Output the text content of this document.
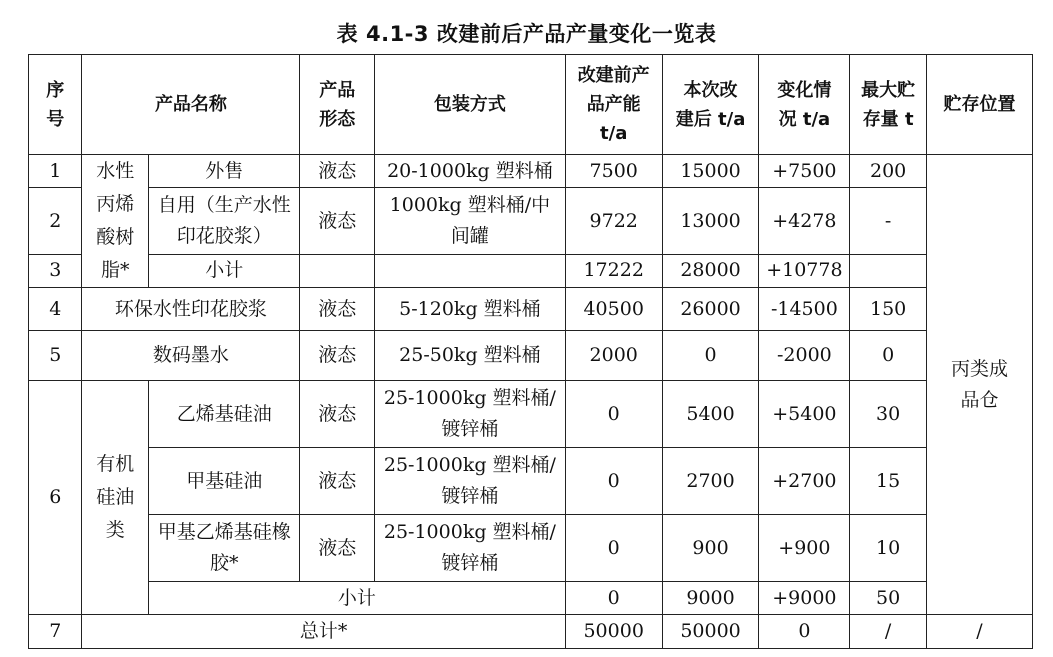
表 4.1-3 改建前后产品产量变化一览表
序号	产品名称		产品形态	包装方式	改建前产品产能 t/a	本次改建后 t/a	变化情况 t/a	最大贮存量 t	贮存位置
1	水性丙烯酸树脂*	外售	液态	20-1000kg 塑料桶	7500	15000	+7500	200	丙类成品仓
2		自用（生产水性印花胶浆）	液态	1000kg 塑料桶/中间罐	9722	13000	+4278	-	
3		小计			17222	28000	+10778		
4	环保水性印花胶浆		液态	5-120kg 塑料桶	40500	26000	-14500	150	
5	数码墨水		液态	25-50kg 塑料桶	2000	0	-2000	0	
6	有机硅油类	乙烯基硅油	液态	25-1000kg 塑料桶/镀锌桶	0	5400	+5400	30	
		甲基硅油	液态	25-1000kg 塑料桶/镀锌桶	0	2700	+2700	15	
		甲基乙烯基硅橡胶*	液态	25-1000kg 塑料桶/镀锌桶	0	900	+900	10	
		小计			0	9000	+9000	50	
7	总计*				50000	50000	0	/	/
